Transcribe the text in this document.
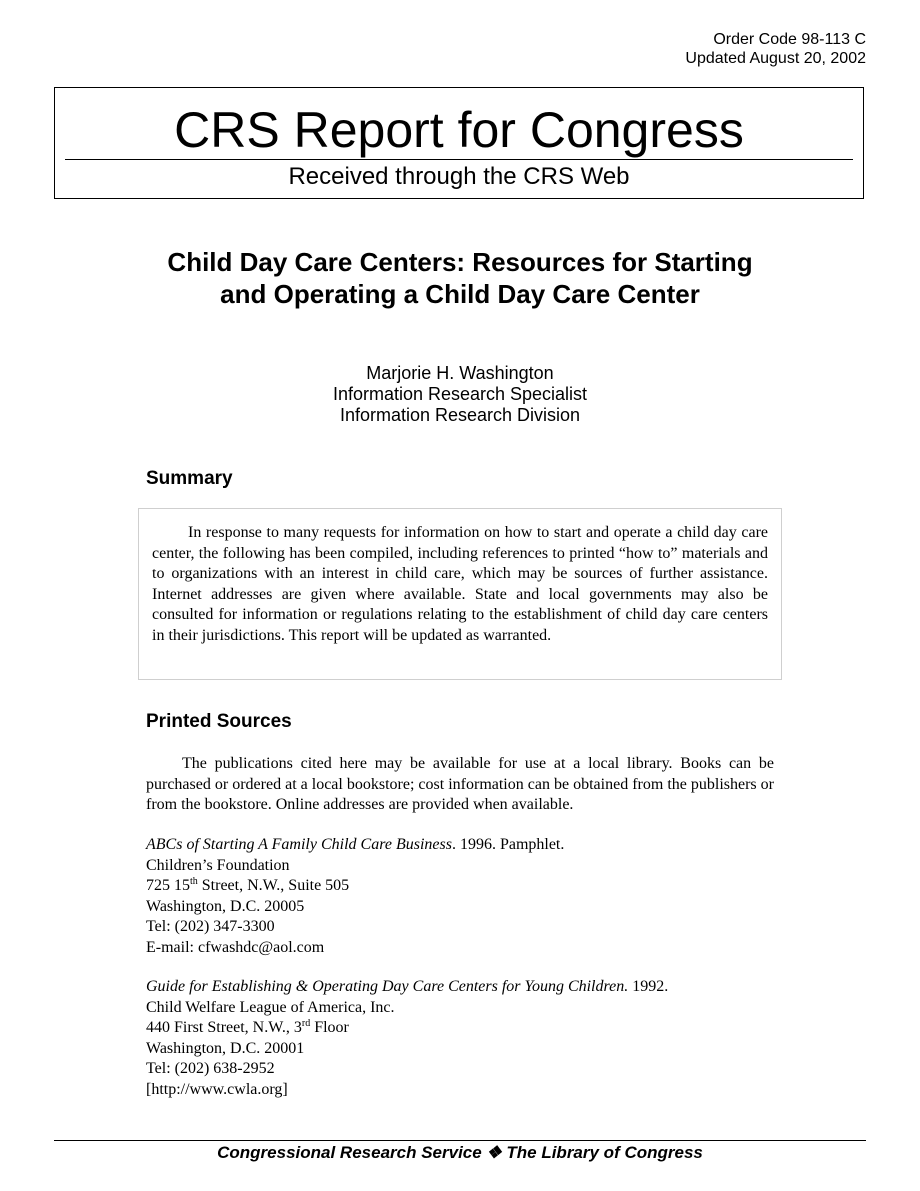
Order Code 98-113 C
Updated August 20, 2002
CRS Report for Congress
Received through the CRS Web
Child Day Care Centers: Resources for Starting and Operating a Child Day Care Center
Marjorie H. Washington
Information Research Specialist
Information Research Division
Summary

In response to many requests for information on how to start and operate a child day care center, the following has been compiled, including references to printed “how to” materials and to organizations with an interest in child care, which may be sources of further assistance. Internet addresses are given where available. State and local governments may also be consulted for information or regulations relating to the establishment of child day care centers in their jurisdictions. This report will be updated as warranted.

Printed Sources

The publications cited here may be available for use at a local library. Books can be purchased or ordered at a local bookstore; cost information can be obtained from the publishers or from the bookstore. Online addresses are provided when available.

ABCs of Starting A Family Child Care Business. 1996. Pamphlet.
Children’s Foundation
725 15th Street, N.W., Suite 505
Washington, D.C. 20005
Tel: (202) 347-3300
E-mail: cfwashdc@aol.com
Guide for Establishing & Operating Day Care Centers for Young Children. 1992.
Child Welfare League of America, Inc.
440 First Street, N.W., 3rd Floor
Washington, D.C. 20001
Tel: (202) 638-2952
[http://www.cwla.org]
Congressional Research Service ❖ The Library of Congress
